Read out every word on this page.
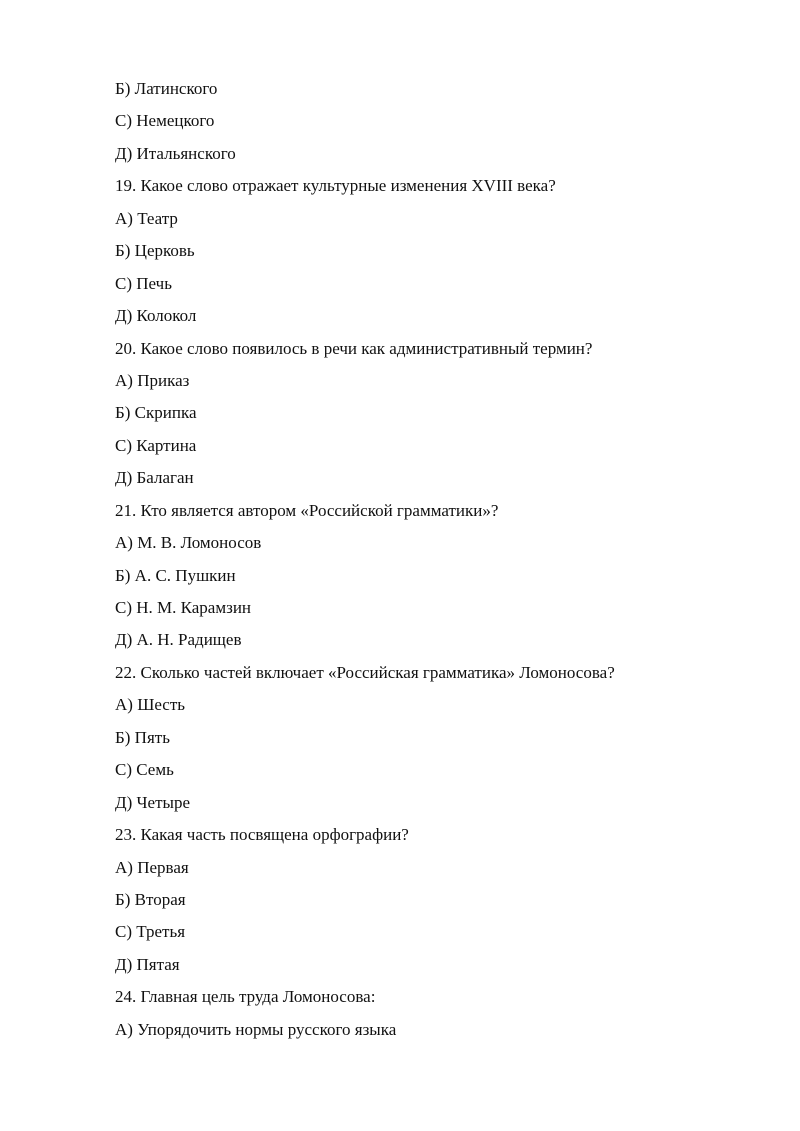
Б) Латинского
С) Немецкого
Д) Итальянского
19. Какое слово отражает культурные изменения XVIII века?
А) Театр
Б) Церковь
С) Печь
Д) Колокол
20. Какое слово появилось в речи как административный термин?
А) Приказ
Б) Скрипка
С) Картина
Д) Балаган
21. Кто является автором «Российской грамматики»?
А) М. В. Ломоносов
Б) А. С. Пушкин
С) Н. М. Карамзин
Д) А. Н. Радищев
22. Сколько частей включает «Российская грамматика» Ломоносова?
А) Шесть
Б) Пять
С) Семь
Д) Четыре
23. Какая часть посвящена орфографии?
А) Первая
Б) Вторая
С) Третья
Д) Пятая
24. Главная цель труда Ломоносова:
А) Упорядочить нормы русского языка
